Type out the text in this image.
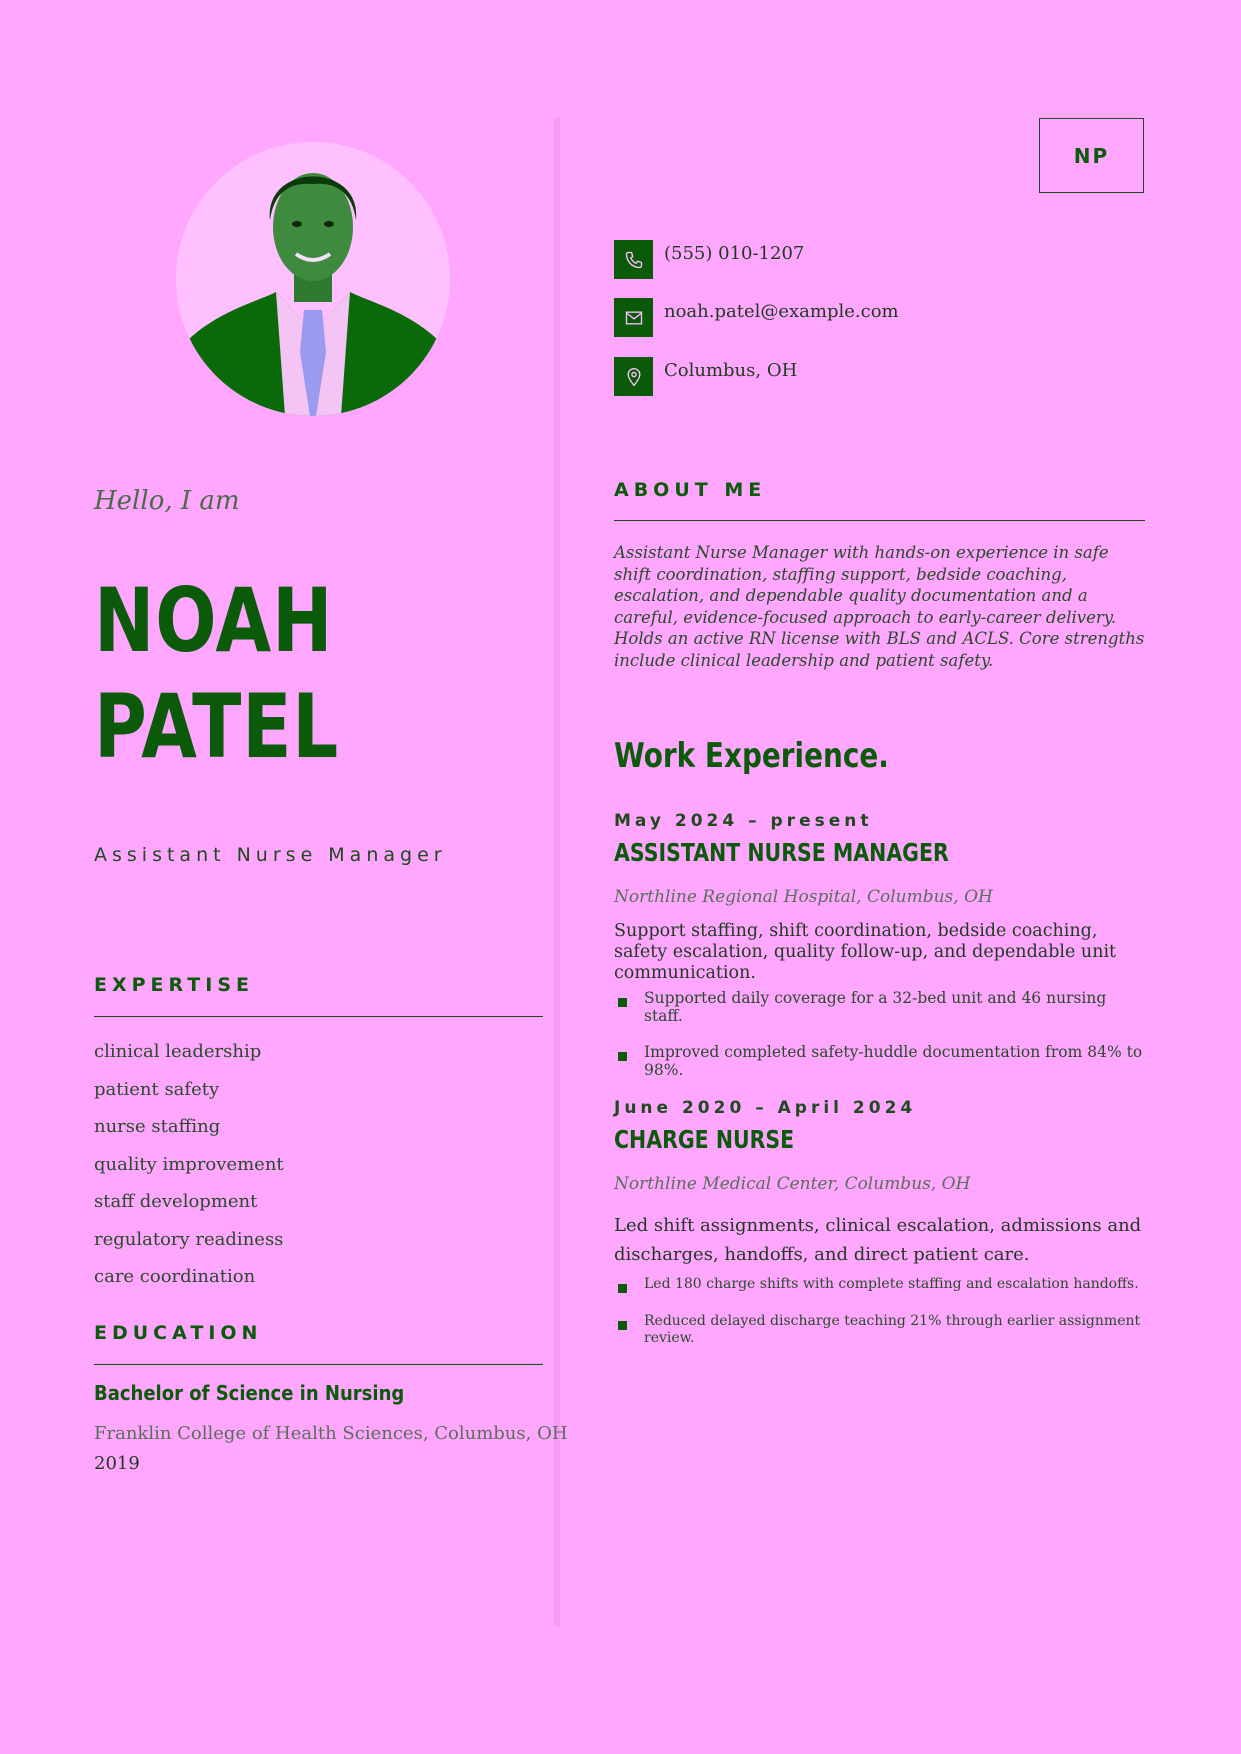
Hello, I am
NOAH
PATEL
Assistant Nurse Manager
EXPERTISE
clinical leadership
patient safety
nurse staffing
quality improvement
staff development
regulatory readiness
care coordination
EDUCATION
Bachelor of Science in Nursing
Franklin College of Health Sciences, Columbus, OH
2019
NP
(555) 010-1207
noah.patel@example.com
Columbus, OH
ABOUT ME
Assistant Nurse Manager with hands-on experience in safe shift coordination, staffing support, bedside coaching, escalation, and dependable quality documentation and a careful, evidence-focused approach to early-career delivery. Holds an active RN license with BLS and ACLS. Core strengths include clinical leadership and patient safety.
Work Experience.
May 2024 – present
ASSISTANT NURSE MANAGER
Northline Regional Hospital, Columbus, OH
Support staffing, shift coordination, bedside coaching, safety escalation, quality follow-up, and dependable unit communication.
Supported daily coverage for a 32-bed unit and 46 nursing staff.
Improved completed safety-huddle documentation from 84% to 98%.
June 2020 – April 2024
CHARGE NURSE
Northline Medical Center, Columbus, OH
Led shift assignments, clinical escalation, admissions and discharges, handoffs, and direct patient care.
Led 180 charge shifts with complete staffing and escalation handoffs.
Reduced delayed discharge teaching 21% through earlier assignment review.
